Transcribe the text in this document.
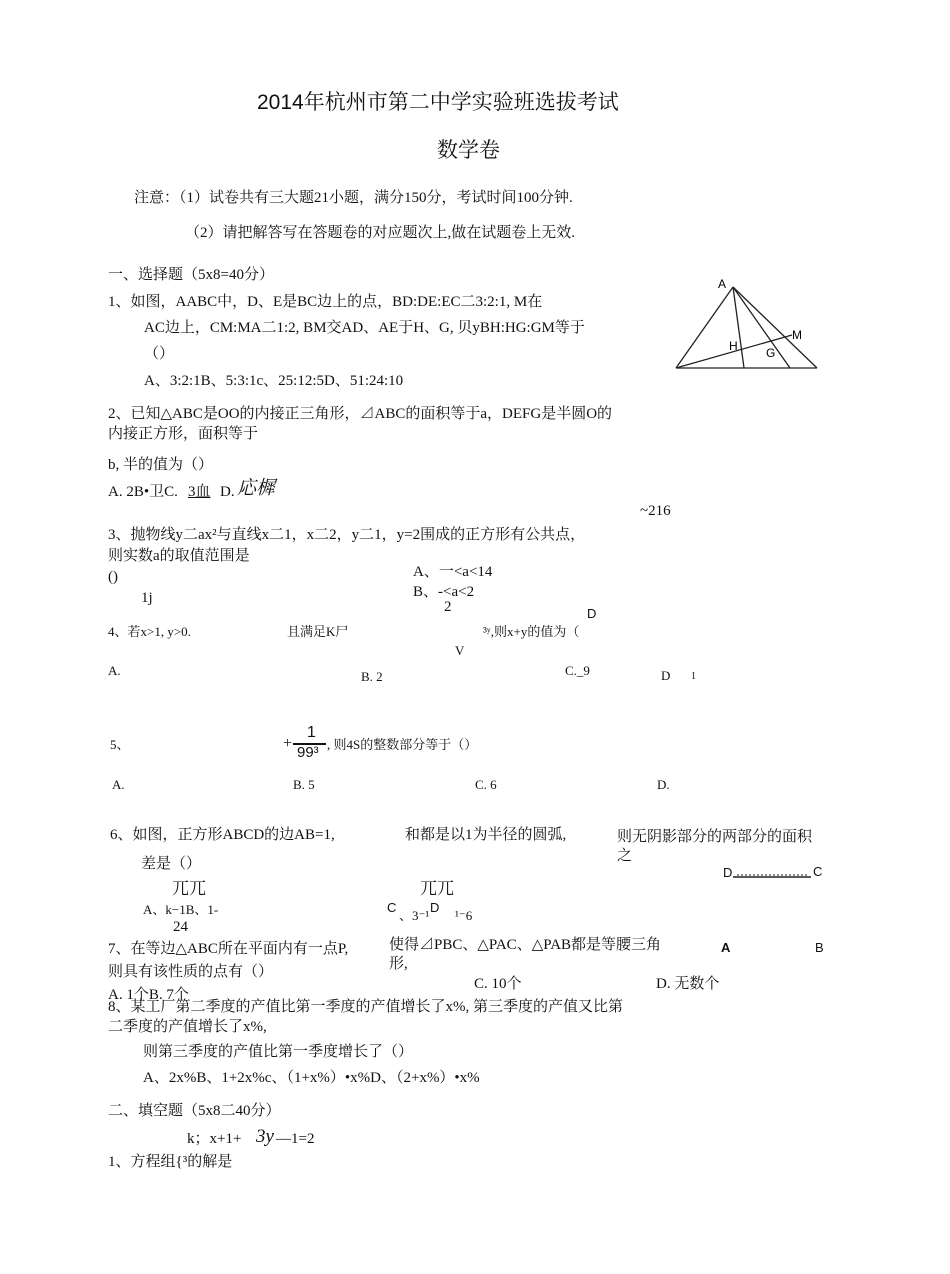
2014年杭州市第二中学实验班选拔考试
数学卷
注意：（1）试卷共有三大题21小题，满分150分，考试时间100分钟.
（2）请把解答写在答题卷的对应题次上,做在试题卷上无效.
一、选择题（5x8=40分）
1、如图，AABC中，D、E是BC边上的点，BD:DE:EC二3:2:1, M在
AC边上，CM:MA二1:2, BM交AD、AE于H、G, 贝yBH:HG:GM等于
（）
A、3:2:1B、5:3:1c、25:12:5D、51:24:10
A
H G
M
2、已知△ABC是OO的内接正三角形，⊿ABC的面积等于a，DEFG是半圆O的
内接正方形，面积等于
b, 半的值为（）
A. 2B•卫C. 3血 D. 応樨
~216
3、抛物线y二ax²与直线x二1，x二2，y二1，y=2围成的正方形有公共点，
则实数a的取值范围是
()	A、一<a<14
B、-<a<2
1j
2	D
4、若x>1, y>0.	且满足K尸	³ʸ,则x+y的值为（
V
A.	B. 2	C._9	D 1
5、	+
1
99³ , 则4S的整数部分等于（）
A.	B. 5	C. 6	D.
6、如图，正方形ABCD的边AB=1,	和都是以1为半径的圆弧,	则无阴影部分的两部分的面积
之
差是（）
D	C
兀兀	兀兀
A、k−1B、1-
24
C
、3⁻¹
D
¹⁻6
7、在等边△ABC所在平面内有一点P,	使得⊿PBC、△PAC、△PAB都是等腰三角
形,
A	B
则具有该性质的点有（）
A. 1个B. 7个
C. 10个	D. 无数个
8、某工厂第二季度的产值比第一季度的产值增长了x%, 第三季度的产值又比第
二季度的产值增长了x%,
则第三季度的产值比第一季度增长了（）
A、2x%B、1+2x%c、（1+x%）•x%D、（2+x%）•x%
二、填空题（5x8二40分）
k；x+1+ 3y —1=2
1、方程组{³的解是
